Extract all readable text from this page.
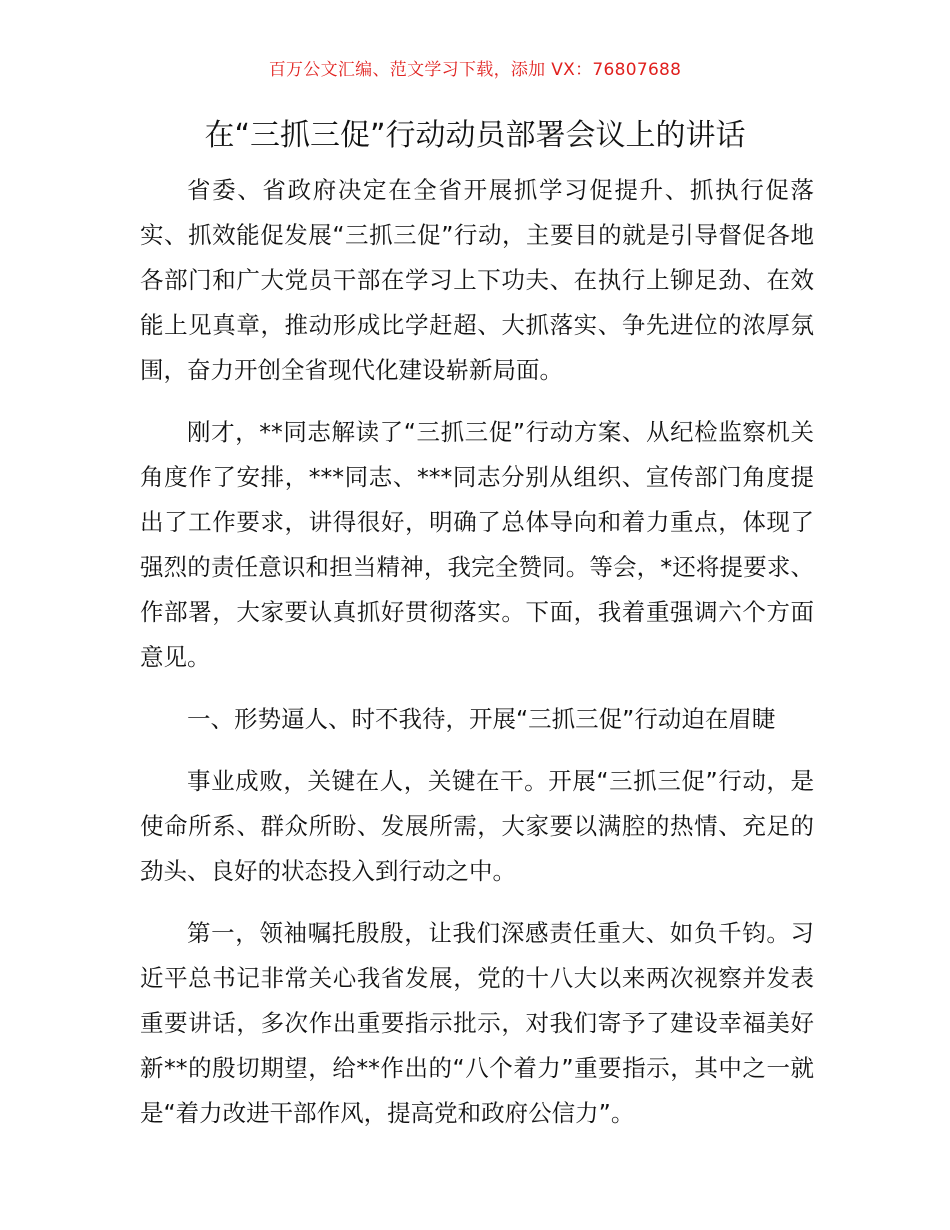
百万公文汇编、范文学习下载，添加 VX：76807688
在“三抓三促”行动动员部署会议上的讲话

省委、省政府决定在全省开展抓学习促提升、抓执行促落实、抓效能促发展“三抓三促”行动，主要目的就是引导督促各地各部门和广大党员干部在学习上下功夫、在执行上铆足劲、在效能上见真章，推动形成比学赶超、大抓落实、争先进位的浓厚氛围，奋力开创全省现代化建设崭新局面。

刚才，**同志解读了“三抓三促”行动方案、从纪检监察机关角度作了安排，***同志、***同志分别从组织、宣传部门角度提出了工作要求，讲得很好，明确了总体导向和着力重点，体现了强烈的责任意识和担当精神，我完全赞同。等会，*还将提要求、作部署，大家要认真抓好贯彻落实。下面，我着重强调六个方面意见。

一、形势逼人、时不我待，开展“三抓三促”行动迫在眉睫

事业成败，关键在人，关键在干。开展“三抓三促”行动，是使命所系、群众所盼、发展所需，大家要以满腔的热情、充足的劲头、良好的状态投入到行动之中。

第一，领袖嘱托殷殷，让我们深感责任重大、如负千钧。习近平总书记非常关心我省发展，党的十八大以来两次视察并发表重要讲话，多次作出重要指示批示，对我们寄予了建设幸福美好新**的殷切期望，给**作出的“八个着力”重要指示，其中之一就是“着力改进干部作风，提高党和政府公信力”。
